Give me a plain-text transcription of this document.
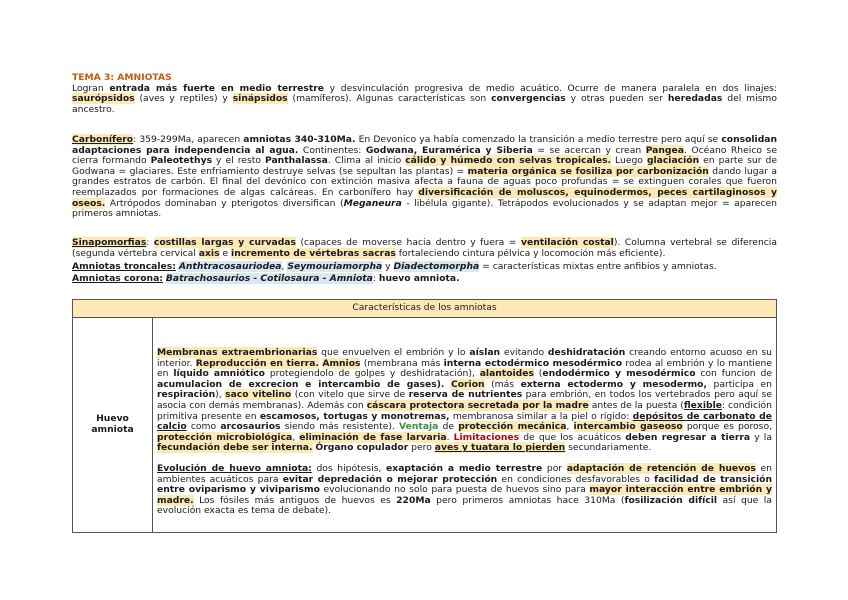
TEMA 3: AMNIOTAS
Logran entrada más fuerte en medio terrestre y desvinculación progresiva de medio acuático. Ocurre de manera paralela en dos linajes: saurópsidos (aves y reptiles) y sinápsidos (mamíferos). Algunas características son convergencias y otras pueden ser heredadas del mismo ancestro.
Carbonífero: 359-299Ma, aparecen amniotas 340-310Ma. En Devonico ya había comenzado la transición a medio terrestre pero aquí se consolidan adaptaciones para independencia al agua. Continentes: Godwana, Euramérica y Siberia = se acercan y crean Pangea. Océano Rheico se cierra formando Paleotethys y el resto Panthalassa. Clima al inicio cálido y húmedo con selvas tropicales. Luego glaciación en parte sur de Godwana = glaciares. Este enfriamiento destruye selvas (se sepultan las plantas) = materia orgánica se fosiliza por carbonización dando lugar a grandes estratos de carbón. El final del devónico con extinción masiva afecta a fauna de aguas poco profundas = se extinguen corales que fueron reemplazados por formaciones de algas calcáreas. En carbonífero hay diversificación de moluscos, equinodermos, peces cartilaginosos y oseos. Artrópodos dominaban y pterigotos diversifican (Meganeura - libélula gigante). Tetrápodos evolucionados y se adaptan mejor = aparecen primeros amniotas.
Sinapomorfias: costillas largas y curvadas (capaces de moverse hacia dentro y fuera = ventilación costal). Columna vertebral se diferencia (segunda vértebra cervical axis e incremento de vértebras sacras fortaleciendo cintura pélvica y locomoción más eficiente).
Amniotas troncales: Anthtracosauriodea, Seymouriamorpha y Diadectomorpha = características mixtas entre anfibios y amniotas.
Amniotas corona: Batrachosaurios - Cotilosaura - Amniota: huevo amniota.
Características de los amniotas
Huevo amniota	

Membranas extraembrionarias que envuelven el embrión y lo aíslan evitando deshidratación creando entorno acuoso en su interior. Reproducción en tierra. Amnios (membrana más interna ectodérmico mesodérmico rodea al embrión y lo mantiene en líquido amniótico protegiendolo de golpes y deshidratación), alantoides (endodérmico y mesodérmico con funcion de acumulacion de excrecion e intercambio de gases). Corion (más externa ectodermo y mesodermo, participa en respiración), saco vitelino (con vitelo que sirve de reserva de nutrientes para embrión, en todos los vertebrados pero aquí se asocia con demás membranas). Además con cáscara protectora secretada por la madre antes de la puesta (flexible: condición primitiva presente en escamosos, tortugas y monotremas, membranosa similar a la piel o rígido: depósitos de carbonato de calcio como arcosaurios siendo más resistente). Ventaja de protección mecánica, intercambio gaseoso porque es poroso, protección microbiológica, eliminación de fase larvaria. Limitaciones de que los acuáticos deben regresar a tierra y la fecundación debe ser interna. Órgano copulador pero aves y tuatara lo pierden secundariamente.

Evolución de huevo amniota: dos hipótesis, exaptación a medio terrestre por adaptación de retención de huevos en ambientes acuáticos para evitar depredación o mejorar protección en condiciones desfavorables o facilidad de transición entre oviparismo y viviparismo evolucionando no solo para puesta de huevos sino para mayor interacción entre embrión y madre. Los fósiles más antiguos de huevos es 220Ma pero primeros amniotas hace 310Ma (fosilización difícil así que la evolución exacta es tema de debate).
